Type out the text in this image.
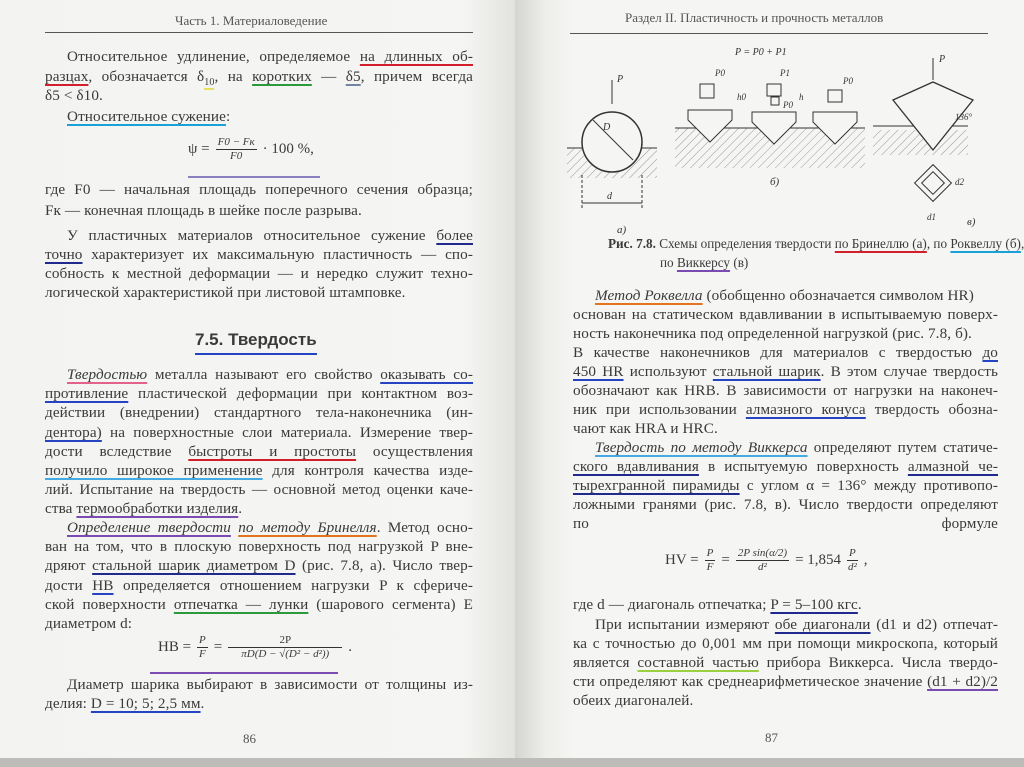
Часть 1. Материаловедение
Относительное удлинение, определяемое на длинных об-
разцах, обозначается $\delta_{10}$, на коротких — δ5, причем всегда
δ5 < δ10.
Относительное сужение:
где F0 — начальная площадь поперечного сечения образца;
Fк — конечная площадь в шейке после разрыва.
У пластичных материалов относительное сужение более
точно характеризует их максимальную пластичность — спо-
собность к местной деформации — и нередко служит техно-
логической характеристикой при листовой штамповке.
Твердостью металла называют его свойство оказывать со-
противление пластической деформации при контактном воз-
действии (внедрении) стандартного тела-наконечника (ин-
дентора) на поверхностные слои материала. Измерение твер-
дости вследствие быстроты и простоты осуществления
получило широкое применение для контроля качества изде-
лий. Испытание на твердость — основной метод оценки каче-
ства термообработки изделия.
Определение твердости по методу Бринелля. Метод осно-
ван на том, что в плоскую поверхность под нагрузкой P вне-
дряют стальной шарик диаметром D (рис. 7.8, а). Число твер-
дости НВ определяется отношением нагрузки P к сфериче-
ской поверхности отпечатка — лунки (шарового сегмента) E
диаметром d:
Диаметр шарика выбирают в зависимости от толщины из-
делия: D = 10; 5; 2,5 мм.
7.5. Твердость
$\psi = \frac{F0 - Fк}{F0} \cdot 100$ %,
HB = $\frac{P}{F} = \frac{2P}{\text{πD(D − √(D² − d²))}}$ .
86
Раздел II. Пластичность и прочность металлов
P
D
d
а)
P = P0 + P1
P0	P1
P0
P0
h0	h
б)
P
136°
d2
d1	в)
Рис. 7.8. Схемы определения твердости по Бринеллю (а), по Роквеллу (б),
по Виккерсу (в)
Метод Роквелла (обобщенно обозначается символом HR)
основан на статическом вдавливании в испытываемую поверх-
ность наконечника под определенной нагрузкой (рис. 7.8, б).
В качестве наконечников для материалов с твердостью до
450 HR используют стальной шарик. В этом случае твердость
обозначают как HRB. В зависимости от нагрузки на наконеч-
ник при использовании алмазного конуса твердость обозна-
чают как HRA и HRC.
Твердость по методу Виккерса определяют путем статиче-
ского вдавливания в испытуемую поверхность алмазной че-
тырехгранной пирамиды с углом α = 136° между противопо-
ложными гранями (рис. 7.8, в). Число твердости определяют
по формуле
где d — диагональ отпечатка; P = 5–100 кгс.
При испытании измеряют обе диагонали (d1 и d2) отпечат-
ка с точностью до 0,001 мм при помощи микроскопа, который
является составной частью прибора Виккерса. Числа твердо-
сти определяют как среднеарифметическое значение (d1 + d2)/2
обеих диагоналей.
HV = $\frac{P}{F} = \frac{\text{2P sin(α/2)}}{\text{d²}} = 1,854 \frac{P}{\text{d²}}$ ,
87
